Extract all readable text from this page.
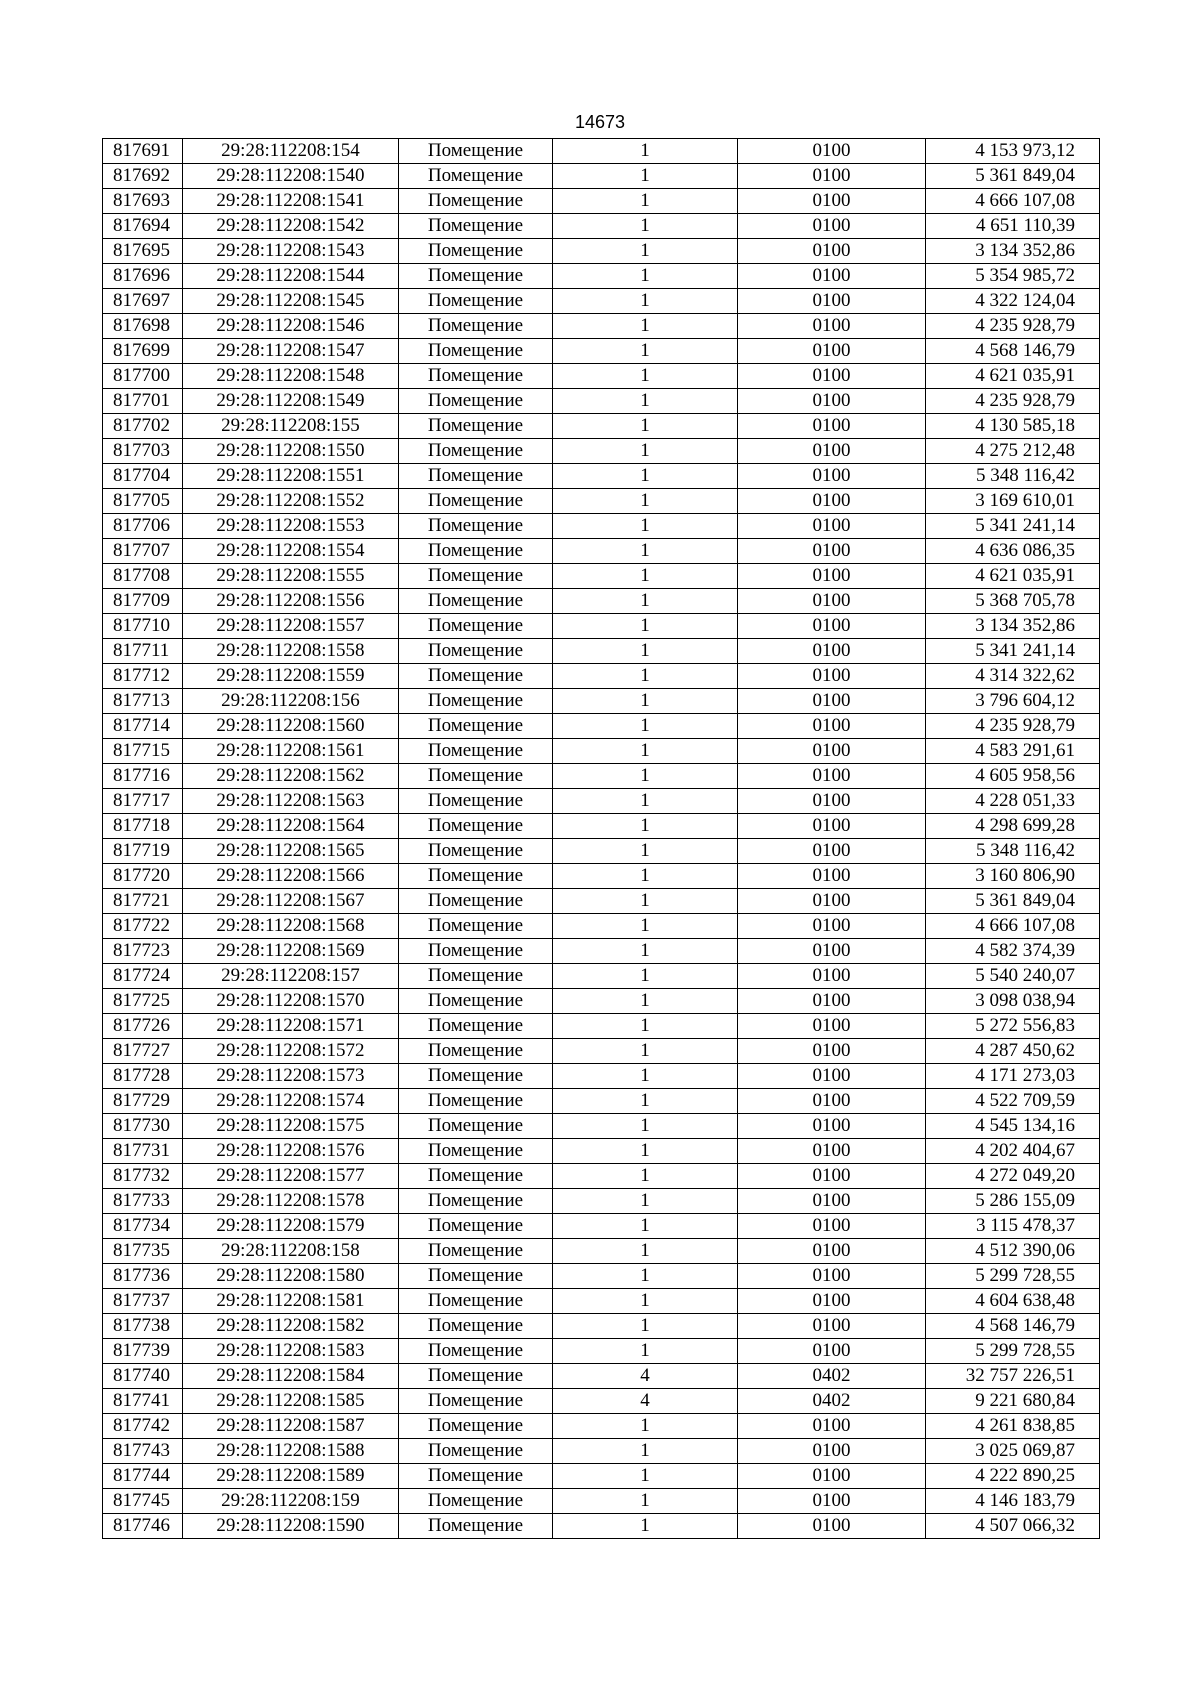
14673
817691	29:28:112208:154	Помещение	1	0100	4 153 973,12
817692	29:28:112208:1540	Помещение	1	0100	5 361 849,04
817693	29:28:112208:1541	Помещение	1	0100	4 666 107,08
817694	29:28:112208:1542	Помещение	1	0100	4 651 110,39
817695	29:28:112208:1543	Помещение	1	0100	3 134 352,86
817696	29:28:112208:1544	Помещение	1	0100	5 354 985,72
817697	29:28:112208:1545	Помещение	1	0100	4 322 124,04
817698	29:28:112208:1546	Помещение	1	0100	4 235 928,79
817699	29:28:112208:1547	Помещение	1	0100	4 568 146,79
817700	29:28:112208:1548	Помещение	1	0100	4 621 035,91
817701	29:28:112208:1549	Помещение	1	0100	4 235 928,79
817702	29:28:112208:155	Помещение	1	0100	4 130 585,18
817703	29:28:112208:1550	Помещение	1	0100	4 275 212,48
817704	29:28:112208:1551	Помещение	1	0100	5 348 116,42
817705	29:28:112208:1552	Помещение	1	0100	3 169 610,01
817706	29:28:112208:1553	Помещение	1	0100	5 341 241,14
817707	29:28:112208:1554	Помещение	1	0100	4 636 086,35
817708	29:28:112208:1555	Помещение	1	0100	4 621 035,91
817709	29:28:112208:1556	Помещение	1	0100	5 368 705,78
817710	29:28:112208:1557	Помещение	1	0100	3 134 352,86
817711	29:28:112208:1558	Помещение	1	0100	5 341 241,14
817712	29:28:112208:1559	Помещение	1	0100	4 314 322,62
817713	29:28:112208:156	Помещение	1	0100	3 796 604,12
817714	29:28:112208:1560	Помещение	1	0100	4 235 928,79
817715	29:28:112208:1561	Помещение	1	0100	4 583 291,61
817716	29:28:112208:1562	Помещение	1	0100	4 605 958,56
817717	29:28:112208:1563	Помещение	1	0100	4 228 051,33
817718	29:28:112208:1564	Помещение	1	0100	4 298 699,28
817719	29:28:112208:1565	Помещение	1	0100	5 348 116,42
817720	29:28:112208:1566	Помещение	1	0100	3 160 806,90
817721	29:28:112208:1567	Помещение	1	0100	5 361 849,04
817722	29:28:112208:1568	Помещение	1	0100	4 666 107,08
817723	29:28:112208:1569	Помещение	1	0100	4 582 374,39
817724	29:28:112208:157	Помещение	1	0100	5 540 240,07
817725	29:28:112208:1570	Помещение	1	0100	3 098 038,94
817726	29:28:112208:1571	Помещение	1	0100	5 272 556,83
817727	29:28:112208:1572	Помещение	1	0100	4 287 450,62
817728	29:28:112208:1573	Помещение	1	0100	4 171 273,03
817729	29:28:112208:1574	Помещение	1	0100	4 522 709,59
817730	29:28:112208:1575	Помещение	1	0100	4 545 134,16
817731	29:28:112208:1576	Помещение	1	0100	4 202 404,67
817732	29:28:112208:1577	Помещение	1	0100	4 272 049,20
817733	29:28:112208:1578	Помещение	1	0100	5 286 155,09
817734	29:28:112208:1579	Помещение	1	0100	3 115 478,37
817735	29:28:112208:158	Помещение	1	0100	4 512 390,06
817736	29:28:112208:1580	Помещение	1	0100	5 299 728,55
817737	29:28:112208:1581	Помещение	1	0100	4 604 638,48
817738	29:28:112208:1582	Помещение	1	0100	4 568 146,79
817739	29:28:112208:1583	Помещение	1	0100	5 299 728,55
817740	29:28:112208:1584	Помещение	4	0402	32 757 226,51
817741	29:28:112208:1585	Помещение	4	0402	9 221 680,84
817742	29:28:112208:1587	Помещение	1	0100	4 261 838,85
817743	29:28:112208:1588	Помещение	1	0100	3 025 069,87
817744	29:28:112208:1589	Помещение	1	0100	4 222 890,25
817745	29:28:112208:159	Помещение	1	0100	4 146 183,79
817746	29:28:112208:1590	Помещение	1	0100	4 507 066,32
